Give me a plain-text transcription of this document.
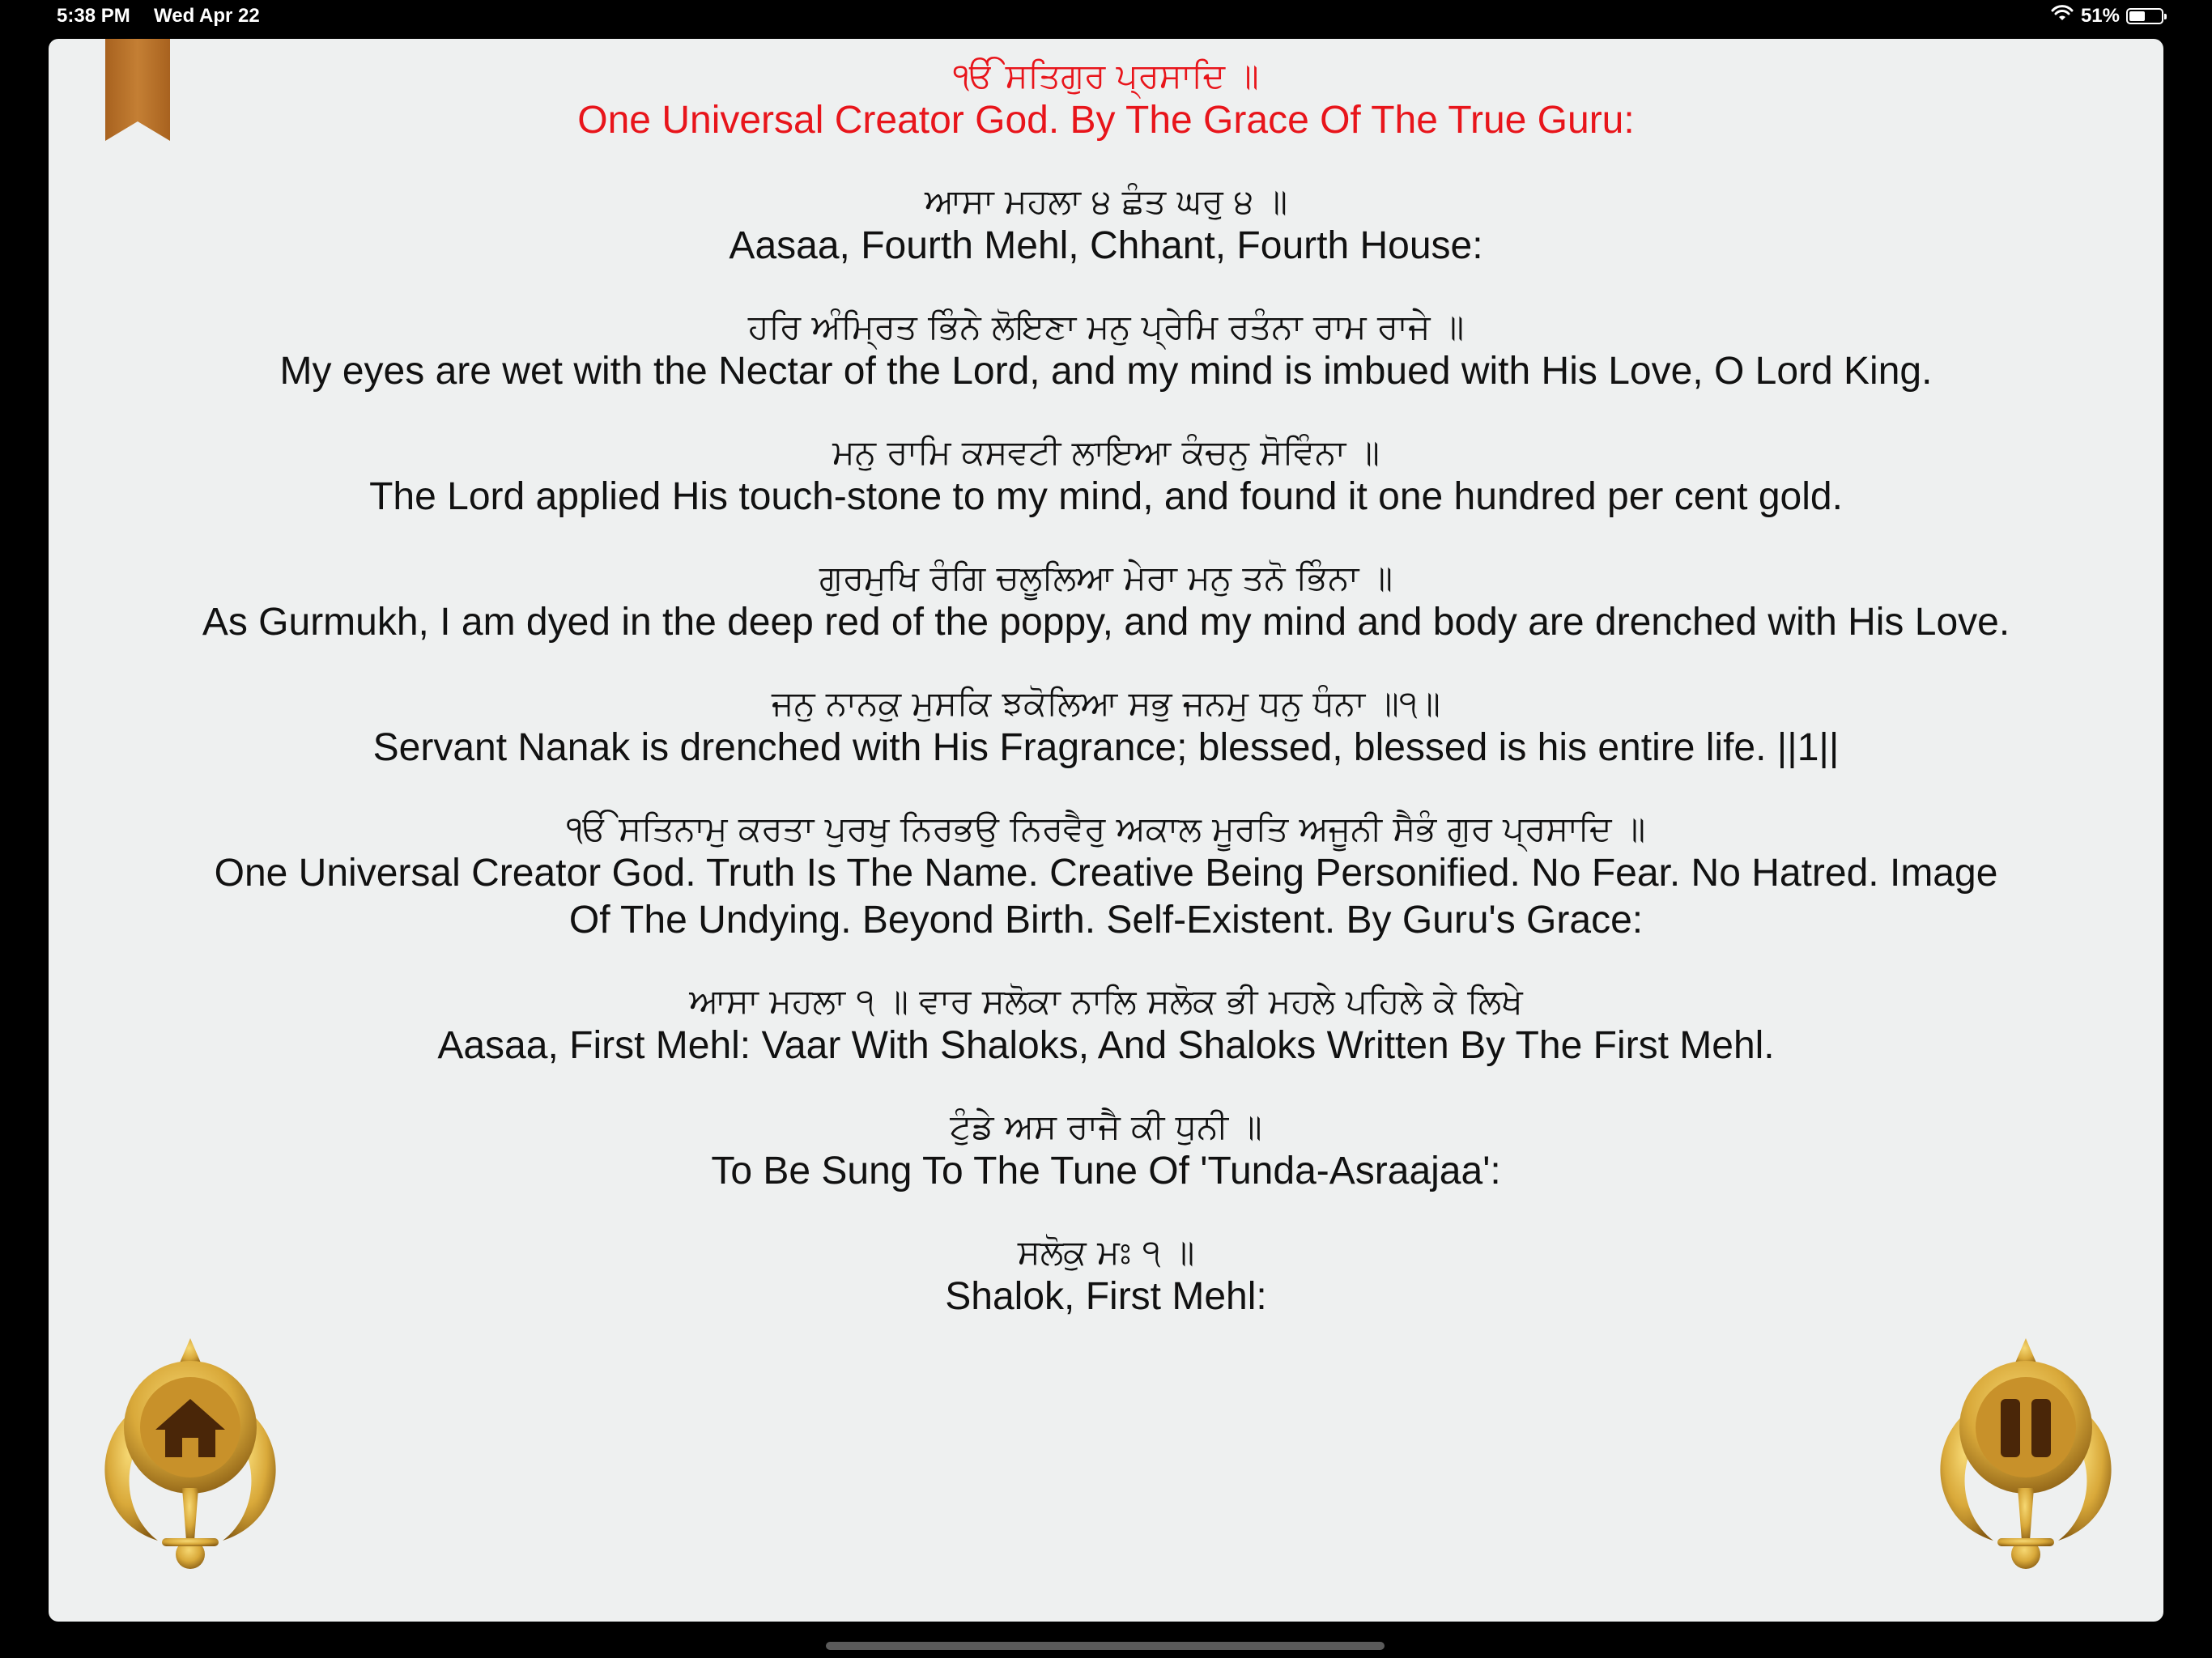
5:38 PM Wed Apr 22	51%
ੴ ਸਤਿਗੁਰ ਪ੍ਰਸਾਦਿ ॥
One Universal Creator God. By The Grace Of The True Guru:
ਆਸਾ ਮਹਲਾ ੪ ਛੰਤ ਘਰੁ ੪ ॥
Aasaa, Fourth Mehl, Chhant, Fourth House:
ਹਰਿ ਅੰਮ੍ਰਿਤ ਭਿੰਨੇ ਲੋਇਣਾ ਮਨੁ ਪ੍ਰੇਮਿ ਰਤੰਨਾ ਰਾਮ ਰਾਜੇ ॥
My eyes are wet with the Nectar of the Lord, and my mind is imbued with His Love, O Lord King.
ਮਨੁ ਰਾਮਿ ਕਸਵਟੀ ਲਾਇਆ ਕੰਚਨੁ ਸੋਵਿੰਨਾ ॥
The Lord applied His touch-stone to my mind, and found it one hundred per cent gold.
ਗੁਰਮੁਖਿ ਰੰਗਿ ਚਲੂਲਿਆ ਮੇਰਾ ਮਨੁ ਤਨੋ ਭਿੰਨਾ ॥
As Gurmukh, I am dyed in the deep red of the poppy, and my mind and body are drenched with His Love.
ਜਨੁ ਨਾਨਕੁ ਮੁਸਕਿ ਝਕੋਲਿਆ ਸਭੁ ਜਨਮੁ ਧਨੁ ਧੰਨਾ ॥੧॥
Servant Nanak is drenched with His Fragrance; blessed, blessed is his entire life. ||1||
ੴ ਸਤਿਨਾਮੁ ਕਰਤਾ ਪੁਰਖੁ ਨਿਰਭਉ ਨਿਰਵੈਰੁ ਅਕਾਲ ਮੂਰਤਿ ਅਜੂਨੀ ਸੈਭੰ ਗੁਰ ਪ੍ਰਸਾਦਿ ॥
One Universal Creator God. Truth Is The Name. Creative Being Personified. No Fear. No Hatred. Image Of The Undying. Beyond Birth. Self-Existent. By Guru's Grace:
ਆਸਾ ਮਹਲਾ ੧ ॥ ਵਾਰ ਸਲੋਕਾ ਨਾਲਿ ਸਲੋਕ ਭੀ ਮਹਲੇ ਪਹਿਲੇ ਕੇ ਲਿਖੇ
Aasaa, First Mehl: Vaar With Shaloks, And Shaloks Written By The First Mehl.
ਟੁੰਡੇ ਅਸ ਰਾਜੈ ਕੀ ਧੁਨੀ ॥
To Be Sung To The Tune Of 'Tunda-Asraajaa':
ਸਲੋਕੁ ਮਃ ੧ ॥
Shalok, First Mehl:
